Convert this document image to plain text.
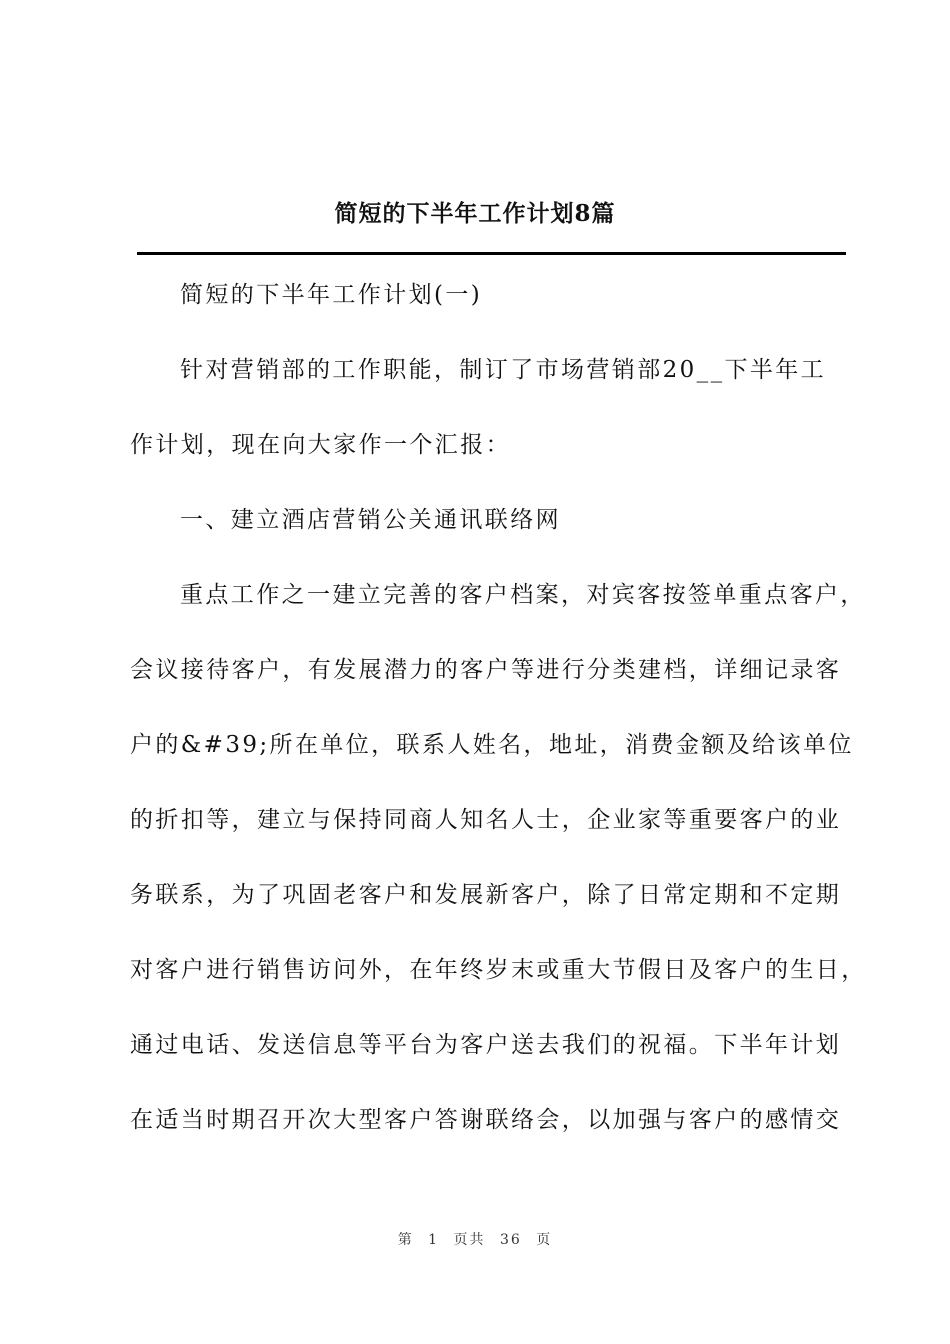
简短的下半年工作计划8篇
简短的下半年工作计划(一)
针对营销部的工作职能，制订了市场营销部20__下半年工
作计划，现在向大家作一个汇报：
一、建立酒店营销公关通讯联络网
重点工作之一建立完善的客户档案，对宾客按签单重点客户，
会议接待客户，有发展潜力的客户等进行分类建档，详细记录客
户的&#39;所在单位，联系人姓名，地址，消费金额及给该单位
的折扣等，建立与保持同商人知名人士，企业家等重要客户的业
务联系，为了巩固老客户和发展新客户，除了日常定期和不定期
对客户进行销售访问外，在年终岁末或重大节假日及客户的生日，
通过电话、发送信息等平台为客户送去我们的祝福。下半年计划
在适当时期召开次大型客户答谢联络会，以加强与客户的感情交
第 1 页共 36 页
